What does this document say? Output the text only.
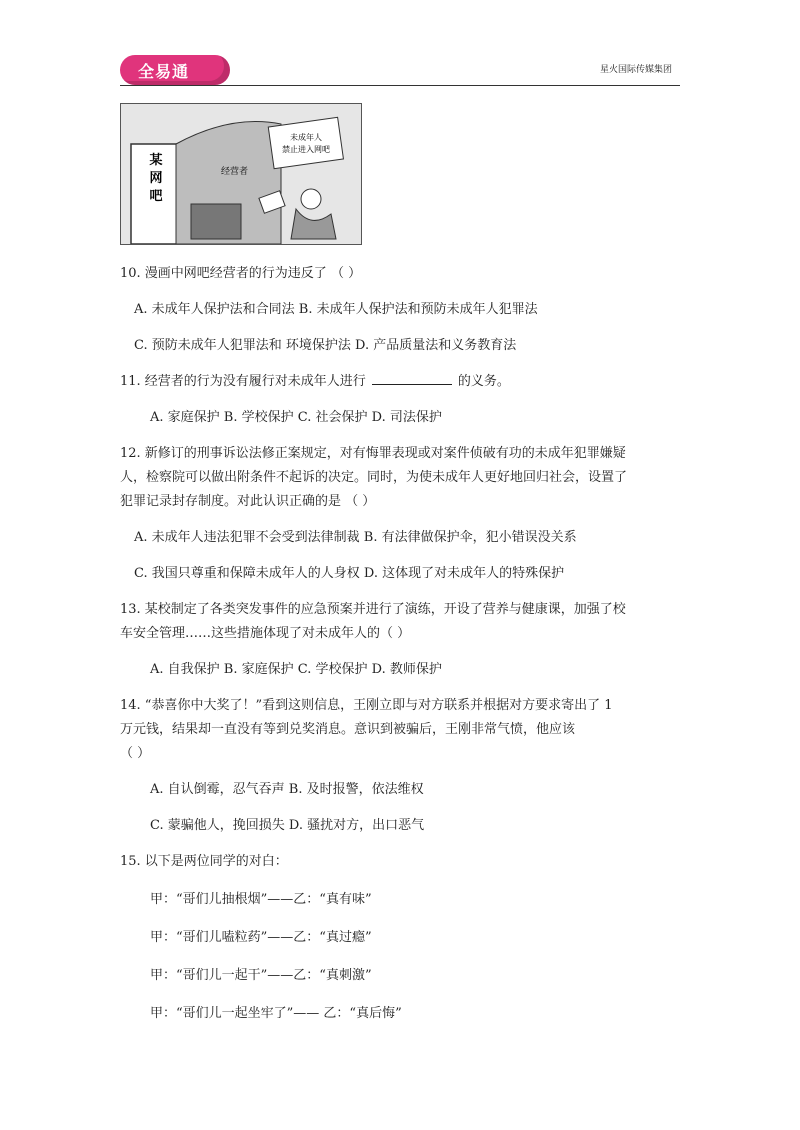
全易通	星火国际传媒集团
某
网
吧
未成年人
禁止进入网吧
经营者

10. 漫画中网吧经营者的行为违反了 （ ）

A. 未成年人保护法和合同法 B. 未成年人保护法和预防未成年人犯罪法

C. 预防未成年人犯罪法和 环境保护法 D. 产品质量法和义务教育法

11. 经营者的行为没有履行对未成年人进行	的义务。

A. 家庭保护 B. 学校保护 C. 社会保护 D. 司法保护

12. 新修订的刑事诉讼法修正案规定，对有悔罪表现或对案件侦破有功的未成年犯罪嫌疑

人，检察院可以做出附条件不起诉的决定。同时，为使未成年人更好地回归社会，设置了

犯罪记录封存制度。对此认识正确的是 （ ）

A. 未成年人违法犯罪不会受到法律制裁 B. 有法律做保护伞，犯小错误没关系

C. 我国只尊重和保障未成年人的人身权 D. 这体现了对未成年人的特殊保护

13. 某校制定了各类突发事件的应急预案并进行了演练，开设了营养与健康课，加强了校

车安全管理……这些措施体现了对未成年人的（ ）

A. 自我保护 B. 家庭保护 C. 学校保护 D. 教师保护

14. “恭喜你中大奖了！”看到这则信息，王刚立即与对方联系并根据对方要求寄出了 1

万元钱，结果却一直没有等到兑奖消息。意识到被骗后，王刚非常气愤，他应该

（ ）

A. 自认倒霉，忍气吞声 B. 及时报警，依法维权

C. 蒙骗他人，挽回损失 D. 骚扰对方，出口恶气

15. 以下是两位同学的对白：

甲：“哥们儿抽根烟”——乙：“真有味”

甲：“哥们儿嗑粒药”——乙：“真过瘾”

甲：“哥们儿一起干”——乙：“真刺激”

甲：“哥们儿一起坐牢了”—— 乙：“真后悔”
